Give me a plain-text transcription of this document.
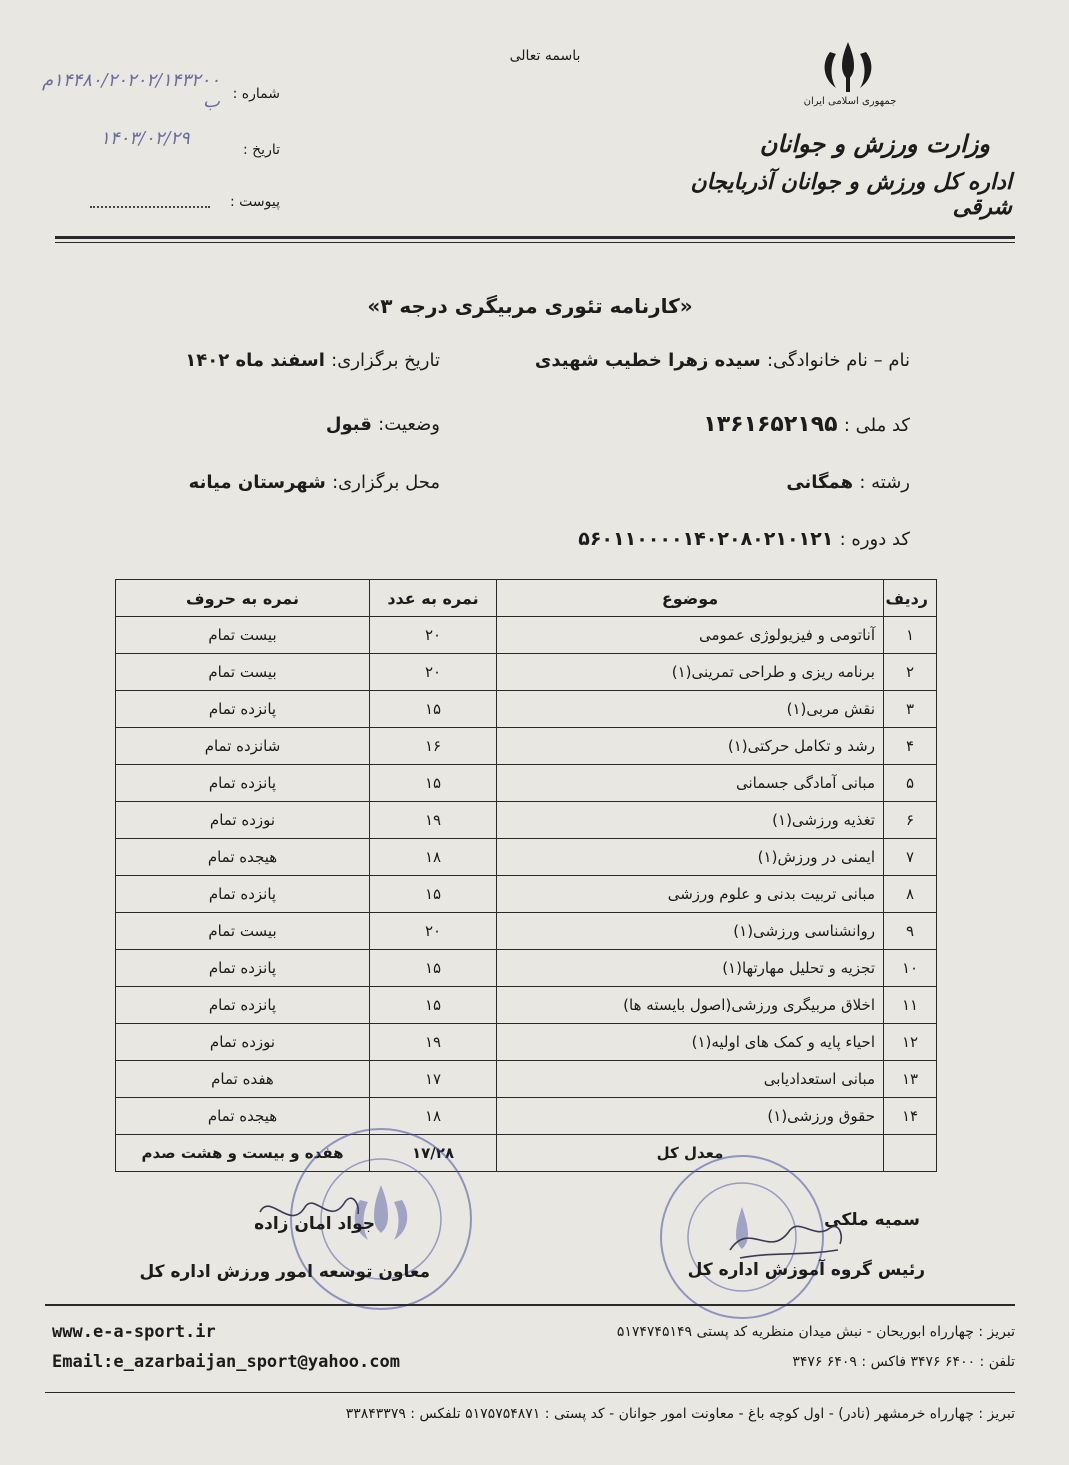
باسمه تعالی
جمهوری اسلامی ایران
وزارت ورزش و جوانان
اداره کل ورزش و جوانان آذربایجان شرقی
شماره :
۱۴۴۸۰/۲۰۲۰۲/۱۴۳۲۰۰م ب
تاریخ :
۱۴۰۳/۰۲/۲۹
پیوست :
«کارنامه تئوری مربیگری درجه ۳»
نام – نام خانوادگی: سیده زهرا خطیب شهیدی
تاریخ برگزاری: اسفند ماه ۱۴۰۲
کد ملی : ۱۳۶۱۶۵۲۱۹۵
وضعیت: قبول
رشته : همگانی
محل برگزاری: شهرستان میانه
کد دوره : ۵۶۰۱۱۰۰۰۰۱۴۰۲۰۸۰۲۱۰۱۲۱
ردیف	موضوع	نمره به عدد	نمره به حروف
۱	آناتومی و فیزیولوژی عمومی	۲۰	بیست تمام
۲	برنامه ریزی و طراحی تمرینی(۱)	۲۰	بیست تمام
۳	نقش مربی(۱)	۱۵	پانزده تمام
۴	رشد و تکامل حرکتی(۱)	۱۶	شانزده تمام
۵	مبانی آمادگی جسمانی	۱۵	پانزده تمام
۶	تغذیه ورزشی(۱)	۱۹	نوزده تمام
۷	ایمنی در ورزش(۱)	۱۸	هیجده تمام
۸	مبانی تربیت بدنی و علوم ورزشی	۱۵	پانزده تمام
۹	روانشناسی ورزشی(۱)	۲۰	بیست تمام
۱۰	تجزیه و تحلیل مهارتها(۱)	۱۵	پانزده تمام
۱۱	اخلاق مربیگری ورزشی(اصول بایسته ها)	۱۵	پانزده تمام
۱۲	احیاء پایه و کمک های اولیه(۱)	۱۹	نوزده تمام
۱۳	مبانی استعدادیابی	۱۷	هفده تمام
۱۴	حقوق ورزشی(۱)	۱۸	هیجده تمام
	معدل کل	۱۷/۲۸	هفده و بیست و هشت صدم
سمیه ملکی
رئیس گروه آموزش اداره کل
جواد امان زاده
معاون توسعه امور ورزش اداره کل
www.e-a-sport.ir
Email:e_azarbaijan_sport@yahoo.com
تبریز : چهارراه ابوریحان - نبش میدان منظریه کد پستی ۵۱۷۴۷۴۵۱۴۹
تلفن : ۶۴۰۰ ۳۴۷۶ فاکس : ۶۴۰۹ ۳۴۷۶
تبریز : چهارراه خرمشهر (نادر) - اول کوچه باغ - معاونت امور جوانان - کد پستی : ۵۱۷۵۷۵۴۸۷۱ تلفکس : ۳۳۸۴۳۳۷۹
